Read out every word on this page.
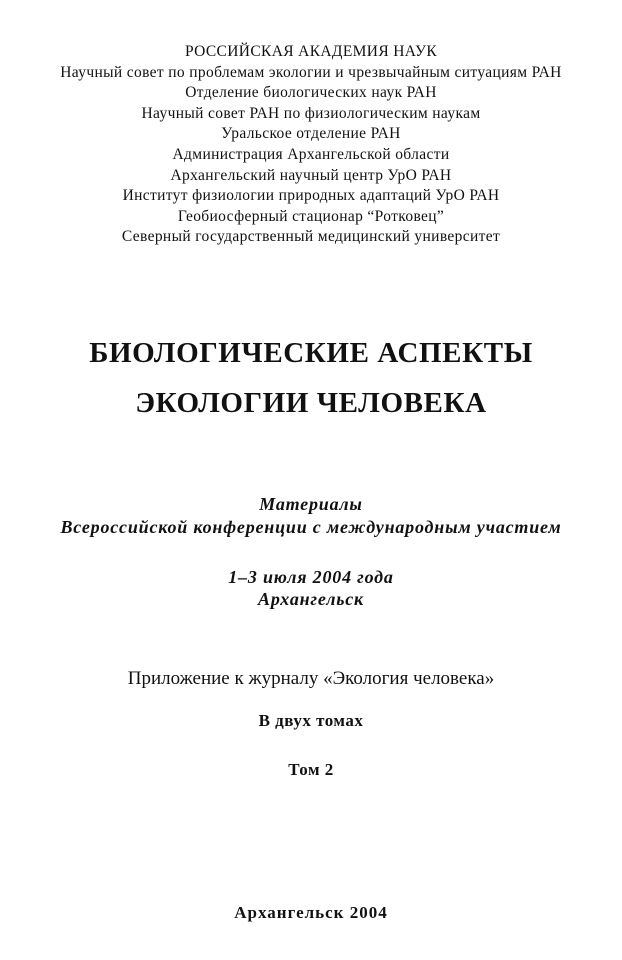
РОССИЙСКАЯ АКАДЕМИЯ НАУК
Научный совет по проблемам экологии и чрезвычайным ситуациям РАН
Отделение биологических наук РАН
Научный совет РАН по физиологическим наукам
Уральское отделение РАН
Администрация Архангельской области
Архангельский научный центр УрО РАН
Институт физиологии природных адаптаций УрО РАН
Геобиосферный стационар “Ротковец”
Северный государственный медицинский университет
БИОЛОГИЧЕСКИЕ АСПЕКТЫ
ЭКОЛОГИИ ЧЕЛОВЕКА
Материалы
Всероссийской конференции с международным участием
1–3 июля 2004 года
Архангельск
Приложение к журналу «Экология человека»
В двух томах
Том 2
Архангельск 2004
